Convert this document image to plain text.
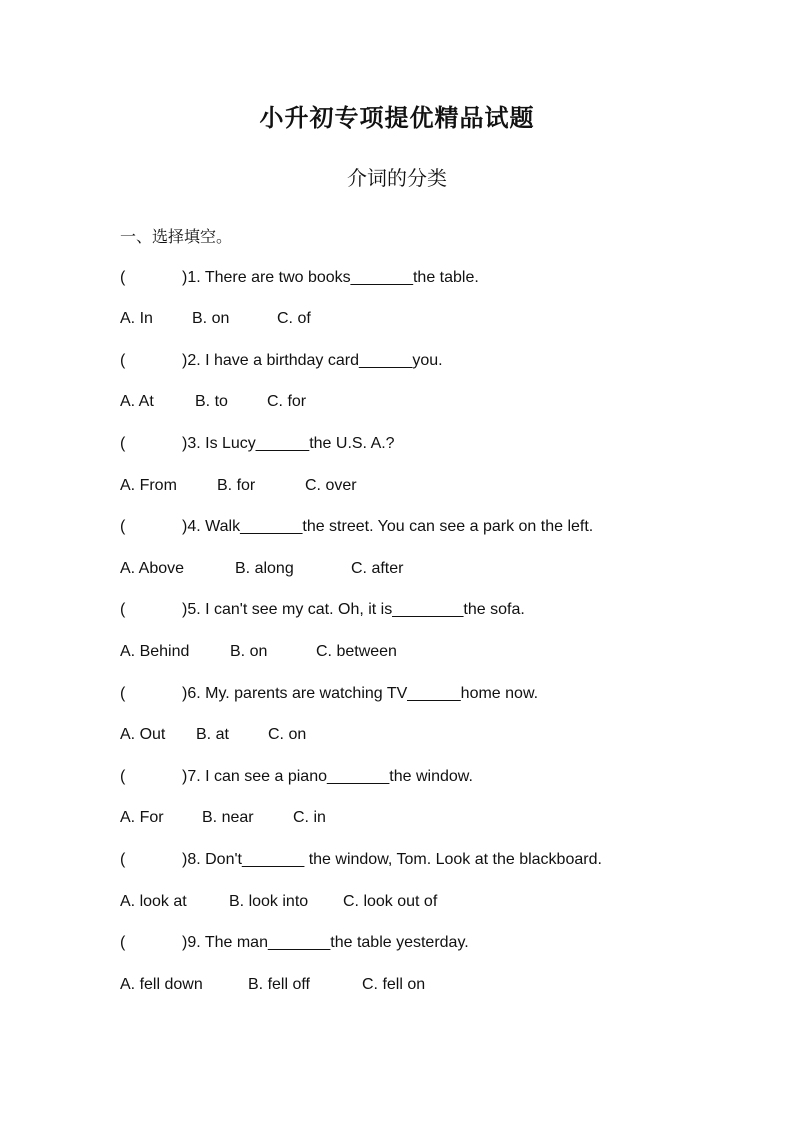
小升初专项提优精品试题
介词的分类
一、选择填空。
(	)1. There are two books_______the table.
A. In B. on	C. of
(	)2. I have a birthday card______you.
A. At	B. to C. for
(	)3. Is Lucy______the U.S. A.?
A. From	B. for	C. over
(	)4. Walk_______the street. You can see a park on the left.
A. Above	B. along	C. after
(	)5. I can't see my cat. Oh, it is________the sofa.
A. Behind	B. on	C. between
(	)6. My. parents are watching TV______home now.
A. Out B. at C. on
(	)7. I can see a piano_______the window.
A. For B. near C. in
(	)8. Don't_______ the window, Tom. Look at the blackboard.
A. look at	B. look into C. look out of
(	)9. The man_______the table yesterday.
A. fell down	B. fell off	C. fell on
